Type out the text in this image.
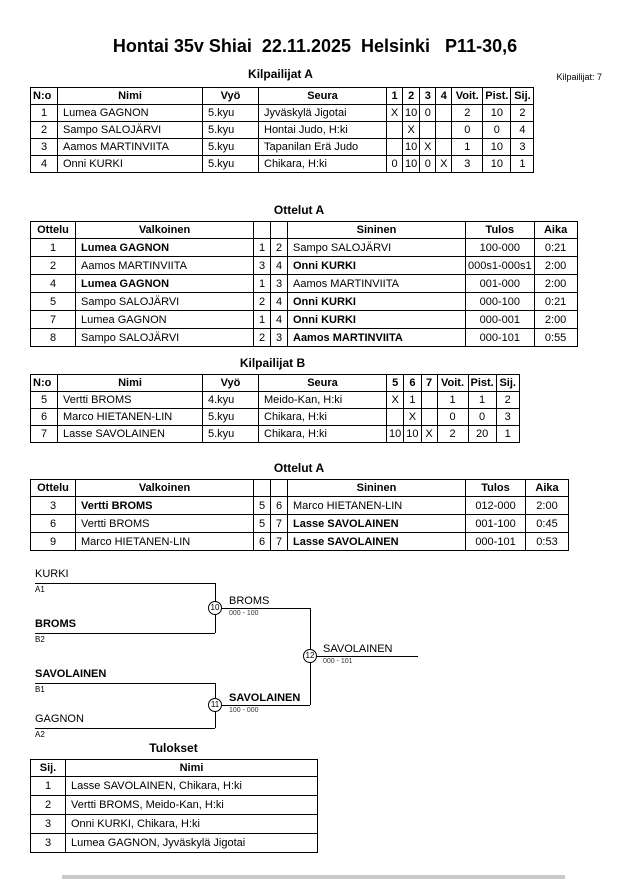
Hontai 35v Shiai  22.11.2025  Helsinki   P11-30,6
Kilpailijat: 7
Kilpailijat A
N:o	Nimi	Vyö	Seura	1	2	3	4	Voit.	Pist.	Sij.
1	Lumea GAGNON	5.kyu	Jyväskylä Jigotai	X	10	0		2	10	2
2	Sampo SALOJÄRVI	5.kyu	Hontai Judo, H:ki		X			0	0	4
3	Aamos MARTINVIITA	5.kyu	Tapanilan Erä Judo		10	X		1	10	3
4	Onni KURKI	5.kyu	Chikara, H:ki	0	10	0	X	3	10	1
Ottelut A
Ottelu	Valkoinen			Sininen	Tulos	Aika
1	Lumea GAGNON	1	2	Sampo SALOJÄRVI	100-000	0:21
2	Aamos MARTINVIITA	3	4	Onni KURKI	000s1-000s1	2:00
4	Lumea GAGNON	1	3	Aamos MARTINVIITA	001-000	2:00
5	Sampo SALOJÄRVI	2	4	Onni KURKI	000-100	0:21
7	Lumea GAGNON	1	4	Onni KURKI	000-001	2:00
8	Sampo SALOJÄRVI	2	3	Aamos MARTINVIITA	000-101	0:55
Kilpailijat B
N:o	Nimi	Vyö	Seura	5	6	7	Voit.	Pist.	Sij.
5	Vertti BROMS	4.kyu	Meido-Kan, H:ki	X	1		1	1	2
6	Marco HIETANEN-LIN	5.kyu	Chikara, H:ki		X		0	0	3
7	Lasse SAVOLAINEN	5.kyu	Chikara, H:ki	10	10	X	2	20	1
Ottelut A
Ottelu	Valkoinen			Sininen	Tulos	Aika
3	Vertti BROMS	5	6	Marco HIETANEN-LIN	012-000	2:00
6	Vertti BROMS	5	7	Lasse SAVOLAINEN	001-100	0:45
9	Marco HIETANEN-LIN	6	7	Lasse SAVOLAINEN	000-101	0:53
KURKI
A1
BROMS
B2
10
BROMS
000 - 100
12
SAVOLAINEN
000 - 101
SAVOLAINEN
B1
GAGNON
A2
11
SAVOLAINEN
100 - 000
Tulokset
Sij.	Nimi
1	Lasse SAVOLAINEN, Chikara, H:ki
2	Vertti BROMS, Meido-Kan, H:ki
3	Onni KURKI, Chikara, H:ki
3	Lumea GAGNON, Jyväskylä Jigotai
